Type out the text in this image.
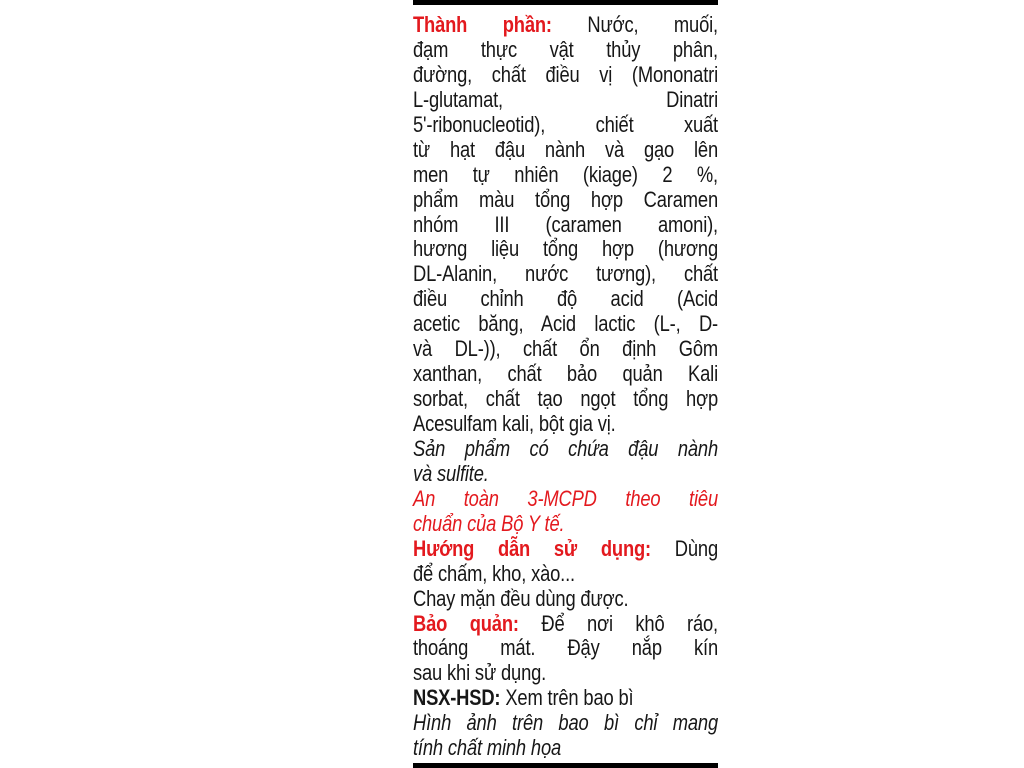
Thành phần: Nước, muối,
đạm thực vật thủy phân,
đường, chất điều vị (Mononatri
L-glutamat, Dinatri
5'-ribonucleotid), chiết xuất
từ hạt đậu nành và gạo lên
men tự nhiên (kiage) 2 %,
phẩm màu tổng hợp Caramen
nhóm III (caramen amoni),
hương liệu tổng hợp (hương
DL-Alanin, nước tương), chất
điều chỉnh độ acid (Acid
acetic băng, Acid lactic (L-, D-
và DL-)), chất ổn định Gôm
xanthan, chất bảo quản Kali
sorbat, chất tạo ngọt tổng hợp
Acesulfam kali, bột gia vị.
Sản phẩm có chứa đậu nành
và sulfite.
An toàn 3-MCPD theo tiêu
chuẩn của Bộ Y tế.
Hướng dẫn sử dụng: Dùng
để chấm, kho, xào...
Chay mặn đều dùng được.
Bảo quản: Để nơi khô ráo,
thoáng mát. Đậy nắp kín
sau khi sử dụng.
NSX-HSD: Xem trên bao bì
Hình ảnh trên bao bì chỉ mang
tính chất minh họa
